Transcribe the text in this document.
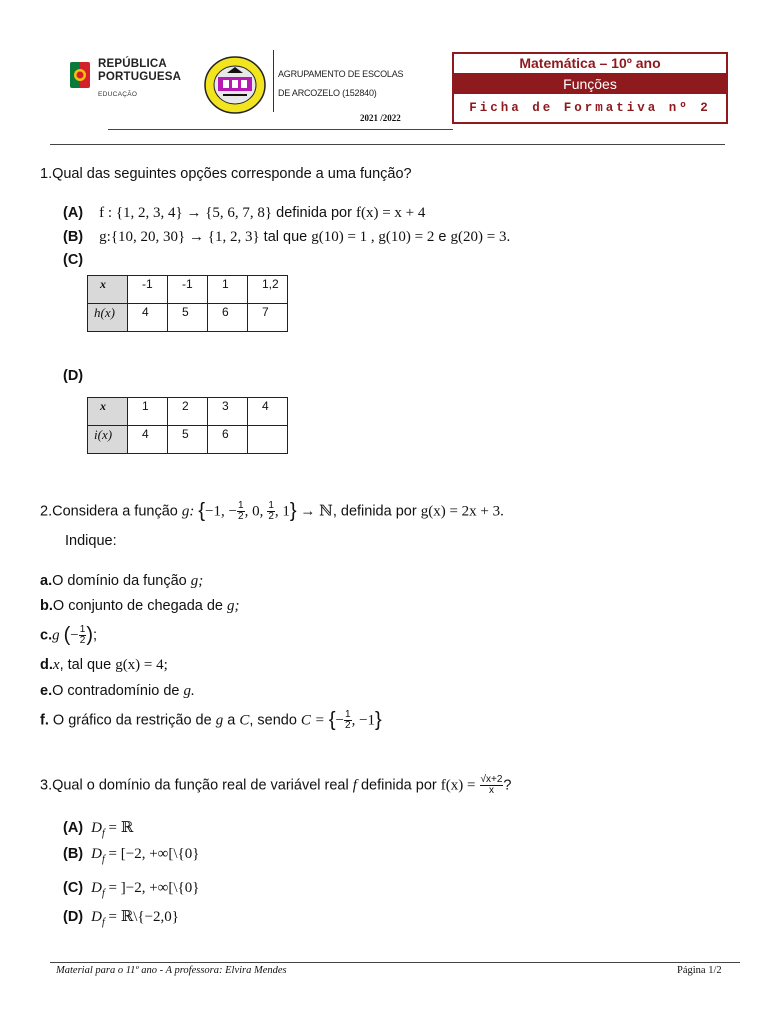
REPÚBLICA
PORTUGUESA
EDUCAÇÃO
AGRUPAMENTO DE ESCOLAS
DE ARCOZELO (152840)
2021 /2022
Matemática – 10º ano
Funções
Ficha de Formativa nº 2
1.Qual das seguintes opções corresponde a uma função?
(A) f : {1, 2, 3, 4} → {5, 6, 7, 8} definida por f(x) = x + 4
(B) g:{10, 20, 30} → {1, 2, 3} tal que g(10) = 1 , g(10) = 2 e g(20) = 3.
(C)
x	-1	-1	1	1,2
h(x)	4	5	6	7
(D)
x	1	2	3	4
i(x)	4	5	6	
2.Considera a função g: {−1, − $\frac{1}{2}$ , 0, $\frac{1}{2}$ , 1} → ℕ, definida por g(x) = 2x + 3.
Indique:
a.O domínio da função g;
b.O conjunto de chegada de g;
c.g (− $\frac{1}{2}$ );
d.x, tal que g(x) = 4;
e.O contradomínio de g.
f. O gráfico da restrição de g a C, sendo C = {− $\frac{1}{2}$ , −1}
3.Qual o domínio da função real de variável real f definida por $f(x) = \frac{√x+2}{x}$ ?
(A) $D_f$ = ℝ
(B) $D_f = [-2$, +∞[\{0}
(C) $D_f = ]-2$, +∞[\{0}
(D) $D_f$ = ℝ\{−2,0}
Material para o 11º ano - A professora: Elvira Mendes	Página 1/2
